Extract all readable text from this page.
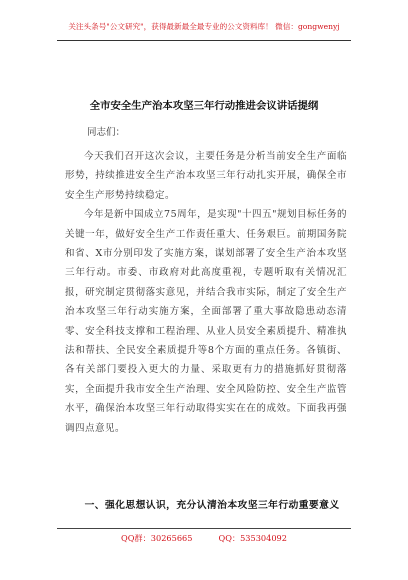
关注头条号"公文研究"，获得最新最全最专业的公文资料库！ 微信：gongwenyj
全市安全生产治本攻坚三年行动推进会议讲话提纲
同志们：

今天我们召开这次会议，主要任务是分析当前安全生产面临形势，持续推进安全生产治本攻坚三年行动扎实开展，确保全市安全生产形势持续稳定。

今年是新中国成立75周年，是实现"十四五"规划目标任务的关键一年，做好安全生产工作责任重大、任务艰巨。前期国务院和省、X市分别印发了实施方案，谋划部署了安全生产治本攻坚三年行动。市委、市政府对此高度重视，专题听取有关情况汇报，研究制定贯彻落实意见，并结合我市实际，制定了安全生产治本攻坚三年行动实施方案，全面部署了重大事故隐患动态清零、安全科技支撑和工程治理、从业人员安全素质提升、精准执法和帮扶、全民安全素质提升等8个方面的重点任务。各镇街、各有关部门要投入更大的力量、采取更有力的措施抓好贯彻落实，全面提升我市安全生产治理、安全风险防控、安全生产监管水平，确保治本攻坚三年行动取得实实在在的成效。下面我再强调四点意见。

一、强化思想认识，充分认清治本攻坚三年行动重要意义
QQ群：30265665	QQ：535304092
